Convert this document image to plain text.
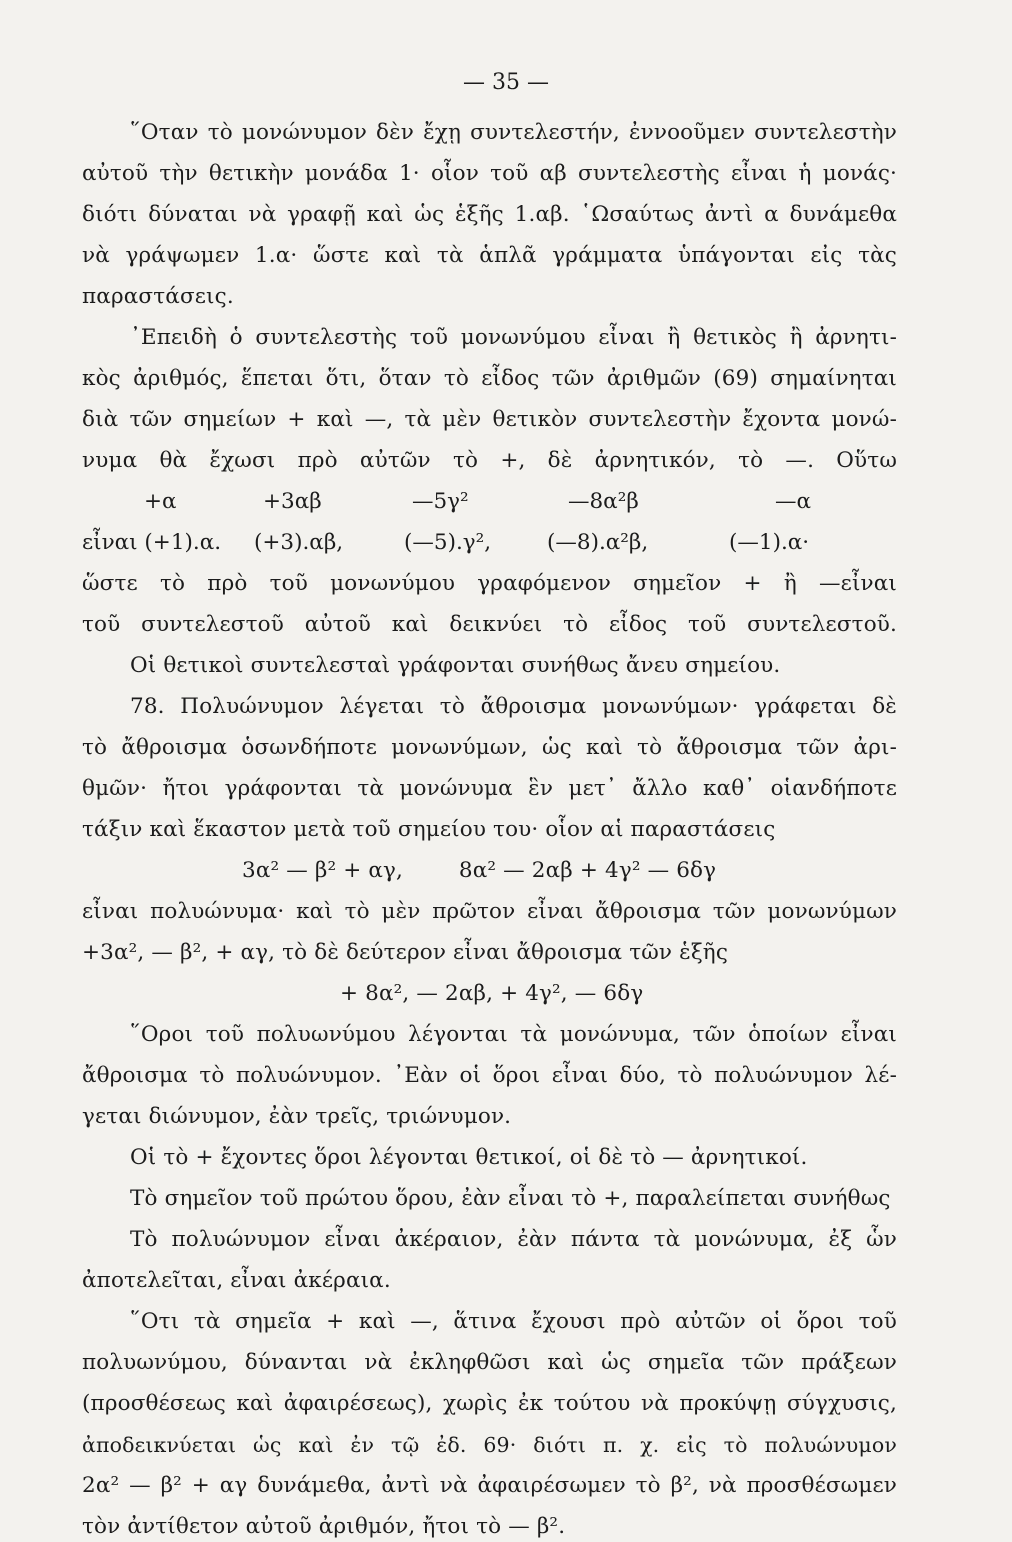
— 35 —
῞Οταν τὸ μονώνυμον δὲν ἔχῃ συντελεστήν, ἐννοοῦμεν συντελεστὴν
αὐτοῦ τὴν θετικὴν μονάδα 1· οἷον τοῦ αβ συντελεστὴς εἶναι ἡ μονάς·
διότι δύναται νὰ γραφῇ καὶ ὡς ἑξῆς 1.αβ. ῾Ωσαύτως ἀντὶ α δυνάμεθα
νὰ γράψωμεν 1.α· ὥστε καὶ τὰ ἁπλᾶ γράμματα ὑπάγονται εἰς τὰς
παραστάσεις.
᾿Επειδὴ ὁ συντελεστὴς τοῦ μονωνύμου εἶναι ἢ θετικὸς ἢ ἀρνητι-
κὸς ἀριθμός, ἕπεται ὅτι, ὅταν τὸ εἶδος τῶν ἀριθμῶν (69) σημαίνηται
διὰ τῶν σημείων + καὶ —, τὰ μὲν θετικὸν συντελεστὴν ἔχοντα μονώ-
νυμα θὰ ἔχωσι πρὸ αὐτῶν τὸ +, δὲ ἀρνητικόν, τὸ —. Οὕτω
+α	+3αβ	—5γ²	—8α²β	—α
εἶναι (+1).α. (+3).αβ,	(—5).γ²,	(—8).α²β,	(—1).α·
ὥστε τὸ πρὸ τοῦ μονωνύμου γραφόμενον σημεῖον + ἢ —εἶναι
τοῦ συντελεστοῦ αὐτοῦ καὶ δεικνύει τὸ εἶδος τοῦ συντελεστοῦ.
Οἱ θετικοὶ συντελεσταὶ γράφονται συνήθως ἄνευ σημείου.
78. Πολυώνυμον λέγεται τὸ ἄθροισμα μονωνύμων· γράφεται δὲ
τὸ ἄθροισμα ὁσωνδήποτε μονωνύμων, ὡς καὶ τὸ ἄθροισμα τῶν ἀρι-
θμῶν· ἤτοι γράφονται τὰ μονώνυμα ἓν μετ᾽ ἄλλο καθ᾽ οἱανδήποτε
τάξιν καὶ ἕκαστον μετὰ τοῦ σημείου του· οἷον αἱ παραστάσεις
3α² — β² + αγ,        8α² — 2αβ + 4γ² — 6δγ
εἶναι πολυώνυμα· καὶ τὸ μὲν πρῶτον εἶναι ἄθροισμα τῶν μονωνύμων
+3α², — β², + αγ, τὸ δὲ δεύτερον εἶναι ἄθροισμα τῶν ἑξῆς
+ 8α², — 2αβ, + 4γ², — 6δγ
῞Οροι τοῦ πολυωνύμου λέγονται τὰ μονώνυμα, τῶν ὁποίων εἶναι
ἄθροισμα τὸ πολυώνυμον. ᾿Εὰν οἱ ὅροι εἶναι δύο, τὸ πολυώνυμον λέ-
γεται διώνυμον, ἐὰν τρεῖς, τριώνυμον.
Οἱ τὸ + ἔχοντες ὅροι λέγονται θετικοί, οἱ δὲ τὸ — ἀρνητικοί.
Τὸ σημεῖον τοῦ πρώτου ὅρου, ἐὰν εἶναι τὸ +, παραλείπεται συνήθως
Τὸ πολυώνυμον εἶναι ἀκέραιον, ἐὰν πάντα τὰ μονώνυμα, ἐξ ὧν
ἀποτελεῖται, εἶναι ἀκέραια.
῞Οτι τὰ σημεῖα + καὶ —, ἅτινα ἔχουσι πρὸ αὐτῶν οἱ ὅροι τοῦ
πολυωνύμου, δύνανται νὰ ἐκληφθῶσι καὶ ὡς σημεῖα τῶν πράξεων
(προσθέσεως καὶ ἀφαιρέσεως), χωρὶς ἐκ τούτου νὰ προκύψῃ σύγχυσις,
ἀποδεικνύεται ὡς καὶ ἐν τῷ ἐδ. 69· διότι π. χ. εἰς τὸ πολυώνυμον
2α² — β² + αγ δυνάμεθα, ἀντὶ νὰ ἀφαιρέσωμεν τὸ β², νὰ προσθέσωμεν
τὸν ἀντίθετον αὐτοῦ ἀριθμόν, ἤτοι τὸ — β².
